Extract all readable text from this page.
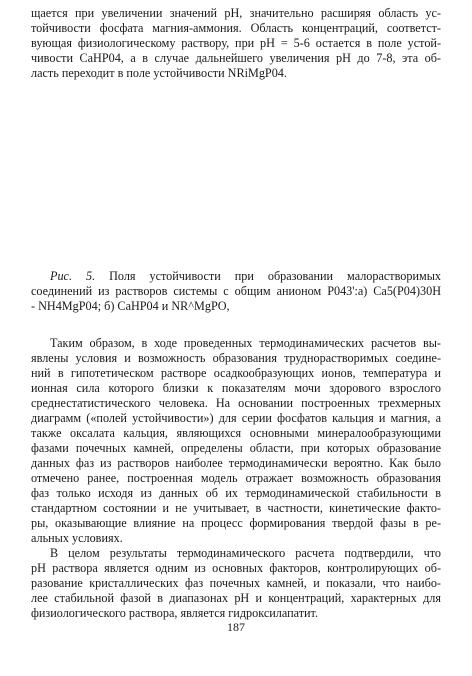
щается при увеличении значений рН, значительно расширяя область ус-
тойчивости фосфата магния-аммония. Область концентраций, соответст-
вующая физиологическому раствору, при рН = 5-6 остается в поле устой-
чивости CaHP04, а в случае дальнейшего увеличения рН до 7-8, эта об-
ласть переходит в поле устойчивости NRiMgP04.
Рис. 5. Поля устойчивости при образовании малорастворимых
соединений из растворов системы с общим анионом P043':a) Ca5(P04)30H
- NH4MgP04; б) CaHP04 и NR^MgPO,
Таким образом, в ходе проведенных термодинамических расчетов вы-
явлены условия и возможность образования труднорастворимых соедине-
ний в гипотетическом растворе осадкообразующих ионов, температура и
ионная сила которого близки к показателям мочи здорового взрослого
среднестатистического человека. На основании построенных трехмерных
диаграмм («полей устойчивости») для серии фосфатов кальция и магния, а
также оксалата кальция, являющихся основными минералообразующими
фазами почечных камней, определены области, при которых образование
данных фаз из растворов наиболее термодинамически вероятно. Как было
отмечено ранее, построенная модель отражает возможность образования
фаз только исходя из данных об их термодинамической стабильности в
стандартном состоянии и не учитывает, в частности, кинетические факто-
ры, оказывающие влияние на процесс формирования твердой фазы в ре-
альных условиях.
В целом результаты термодинамического расчета подтвердили, что
рН раствора является одним из основных факторов, контролирующих об-
разование кристаллических фаз почечных камней, и показали, что наибо-
лее стабильной фазой в диапазонах рН и концентраций, характерных для
физиологического раствора, является гидроксилапатит.
187
